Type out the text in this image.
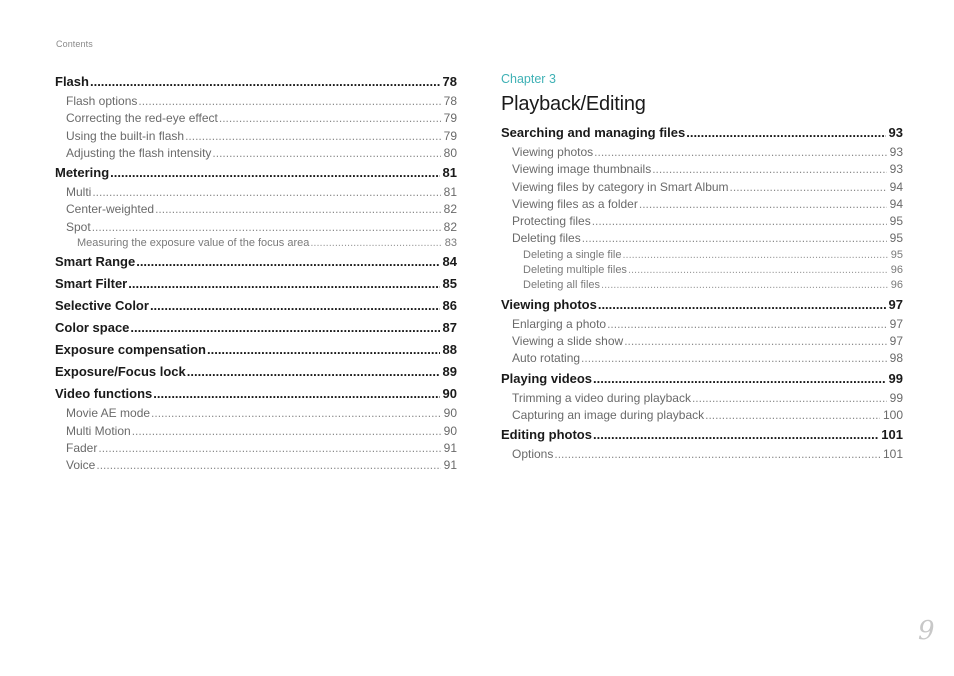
Contents
Flash .....	78
Flash options .....	78
Correcting the red-eye effect .....	79
Using the built-in flash .....	79
Adjusting the flash intensity .....	80
Metering .....	81
Multi .....	81
Center-weighted .....	82
Spot .....	82
Measuring the exposure value of the focus area .....	83
Smart Range .....	84
Smart Filter .....	85
Selective Color .....	86
Color space .....	87
Exposure compensation .....	88
Exposure/Focus lock .....	89
Video functions .....	90
Movie AE mode .....	90
Multi Motion .....	90
Fader .....	91
Voice .....	91
Chapter 3
Playback/Editing
Searching and managing files .....	93
Viewing photos .....	93
Viewing image thumbnails .....	93
Viewing files by category in Smart Album .....	94
Viewing files as a folder .....	94
Protecting files .....	95
Deleting files .....	95
Deleting a single file .....	95
Deleting multiple files .....	96
Deleting all files .....	96
Viewing photos .....	97
Enlarging a photo .....	97
Viewing a slide show .....	97
Auto rotating .....	98
Playing videos .....	99
Trimming a video during playback .....	99
Capturing an image during playback .....	100
Editing photos .....	101
Options .....	101
9
